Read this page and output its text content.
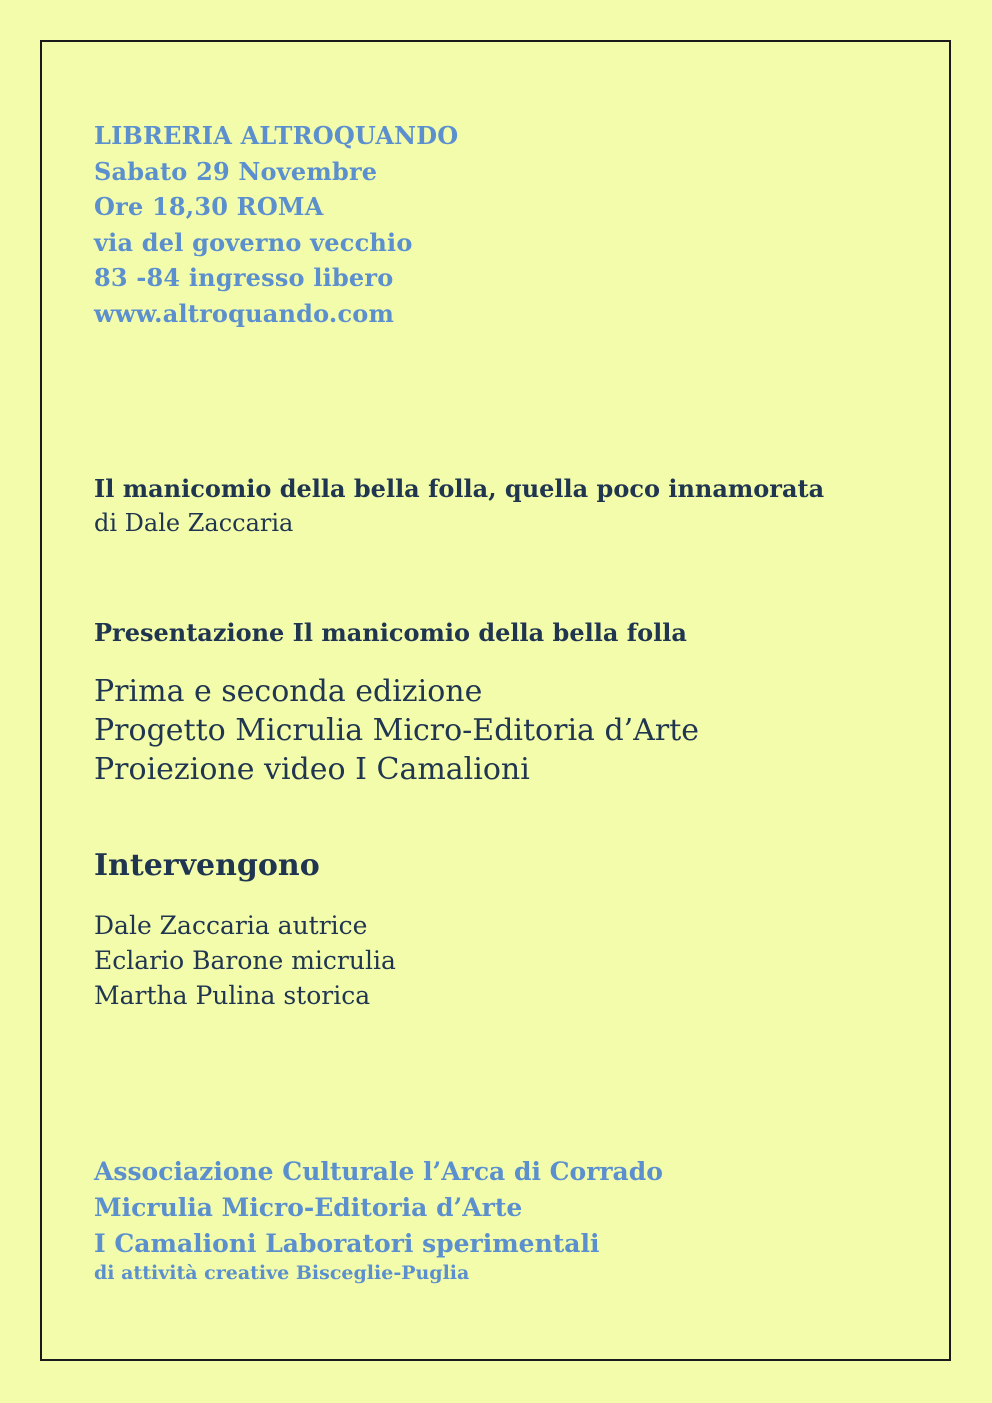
LIBRERIA ALTROQUANDO
Sabato 29 Novembre
Ore 18,30 ROMA
via del governo vecchio
83 -84 ingresso libero
www.altroquando.com
Il manicomio della bella folla, quella poco innamorata
di Dale Zaccaria
Presentazione Il manicomio della bella folla
Prima e seconda edizione
Progetto Micrulia Micro-Editoria d’Arte
Proiezione video I Camalioni
Intervengono
Dale Zaccaria autrice
Eclario Barone micrulia
Martha Pulina storica
Associazione Culturale l’Arca di Corrado
Micrulia Micro-Editoria d’Arte
I Camalioni Laboratori sperimentali
di attività creative Bisceglie-Puglia
